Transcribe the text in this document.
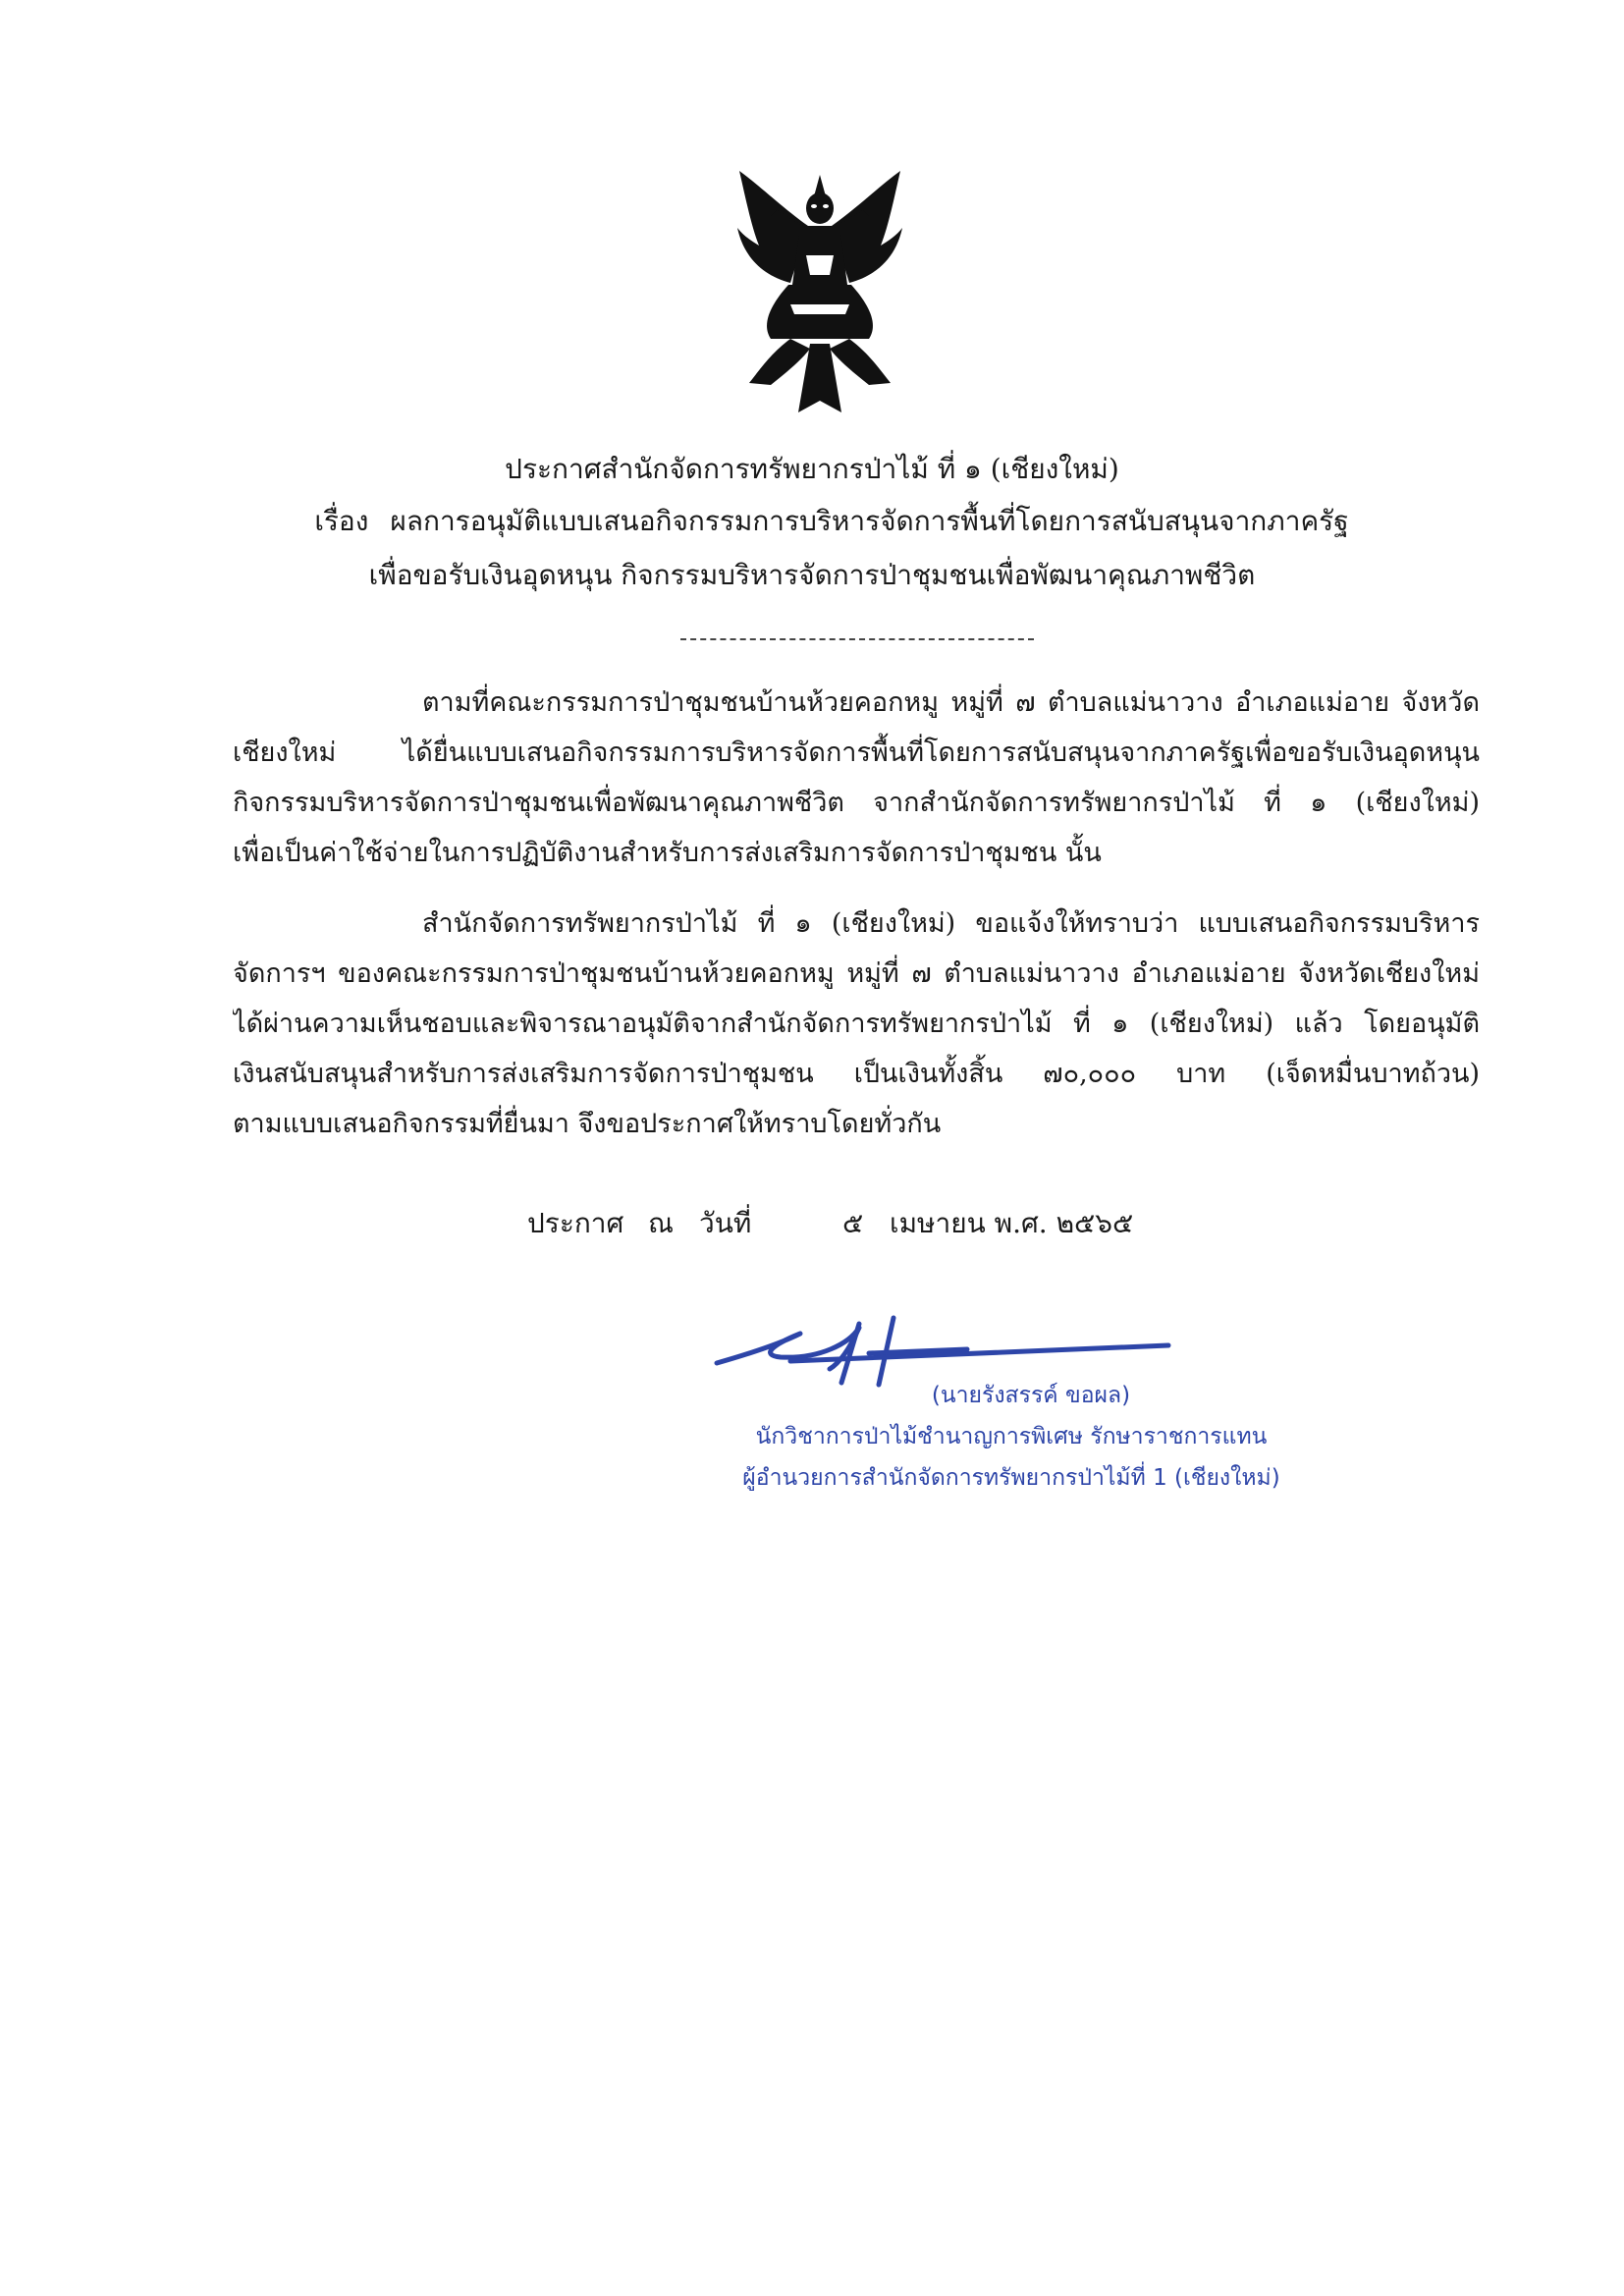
ประกาศสำนักจัดการทรัพยากรป่าไม้ ที่ ๑ (เชียงใหม่)
เรื่อง ผลการอนุมัติแบบเสนอกิจกรรมการบริหารจัดการพื้นที่โดยการสนับสนุนจากภาครัฐ
เพื่อขอรับเงินอุดหนุน กิจกรรมบริหารจัดการป่าชุมชนเพื่อพัฒนาคุณภาพชีวิต
ตามที่คณะกรรมการป่าชุมชนบ้านห้วยคอกหมู หมู่ที่ ๗ ตำบลแม่นาวาง อำเภอแม่อาย จังหวัด
เชียงใหม่ ได้ยื่นแบบเสนอกิจกรรมการบริหารจัดการพื้นที่โดยการสนับสนุนจากภาครัฐเพื่อขอรับเงินอุดหนุน
กิจกรรมบริหารจัดการป่าชุมชนเพื่อพัฒนาคุณภาพชีวิต จากสำนักจัดการทรัพยากรป่าไม้ ที่ ๑ (เชียงใหม่)
เพื่อเป็นค่าใช้จ่ายในการปฏิบัติงานสำหรับการส่งเสริมการจัดการป่าชุมชน นั้น
สำนักจัดการทรัพยากรป่าไม้ ที่ ๑ (เชียงใหม่) ขอแจ้งให้ทราบว่า แบบเสนอกิจกรรมบริหาร
จัดการฯ ของคณะกรรมการป่าชุมชนบ้านห้วยคอกหมู หมู่ที่ ๗ ตำบลแม่นาวาง อำเภอแม่อาย จังหวัดเชียงใหม่
ได้ผ่านความเห็นชอบและพิจารณาอนุมัติจากสำนักจัดการทรัพยากรป่าไม้ ที่ ๑ (เชียงใหม่) แล้ว โดยอนุมัติ
เงินสนับสนุนสำหรับการส่งเสริมการจัดการป่าชุมชน เป็นเงินทั้งสิ้น ๗๐,๐๐๐ บาท (เจ็ดหมื่นบาทถ้วน)
ตามแบบเสนอกิจกรรมที่ยื่นมา จึงขอประกาศให้ทราบโดยทั่วกัน
ประกาศ ณ วันที่	๕ เมษายน พ.ศ. ๒๕๖๕
(นายรังสรรค์ ขอผล)
นักวิชาการป่าไม้ชำนาญการพิเศษ รักษาราชการแทน
ผู้อำนวยการสำนักจัดการทรัพยากรป่าไม้ที่ 1 (เชียงใหม่)
